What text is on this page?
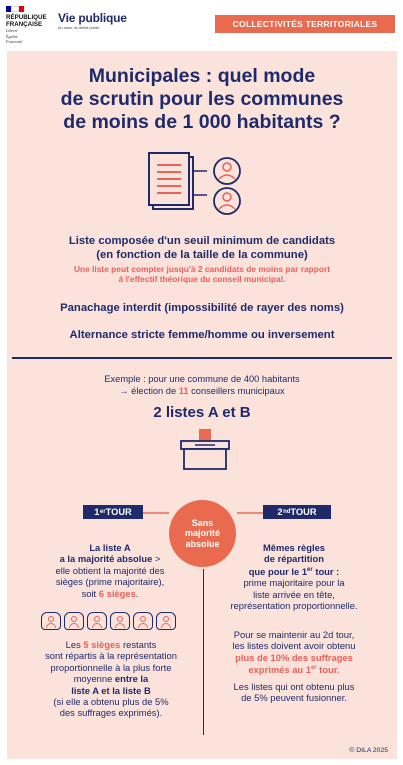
RÉPUBLIQUE
FRANÇAISE
Liberté
Égalité
Fraternité
Vie publique
Au cœur du débat public	COLLECTIVITÉS TERRITORIALES
Municipales : quel mode
de scrutin pour les communes
de moins de 1 000 habitants ?
Liste composée d'un seuil minimum de candidats
(en fonction de la taille de la commune)
Une liste peut compter jusqu'à 2 candidats de moins par rapport
à l'effectif théorique du conseil municipal.
Panachage interdit (impossibilité de rayer des noms)
Alternance stricte femme/homme ou inversement
Exemple : pour une commune de 400 habitants
→ élection de 11 conseillers municipaux
2 listes A et B
1 er TOUR	2 nd TOUR
Sans
majorité
absolue
La liste A
a la majorité absolue >
elle obtient la majorité des
sièges (prime majoritaire),
soit 6 sièges.
Les 5 sièges restants
sont répartis à la représentation
proportionnelle à la plus forte
moyenne entre la
liste A et la liste B
(si elle a obtenu plus de 5%
des suffrages exprimés).
Mêmes règles
de répartition
que pour le 1er tour :
prime majoritaire pour la
liste arrivée en tête,
représentation proportionnelle.
Pour se maintenir au 2d tour,
les listes doivent avoir obtenu
plus de 10% des suffrages
exprimés au 1er tour.
Les listes qui ont obtenu plus
de 5% peuvent fusionner.
© DILA 2025
